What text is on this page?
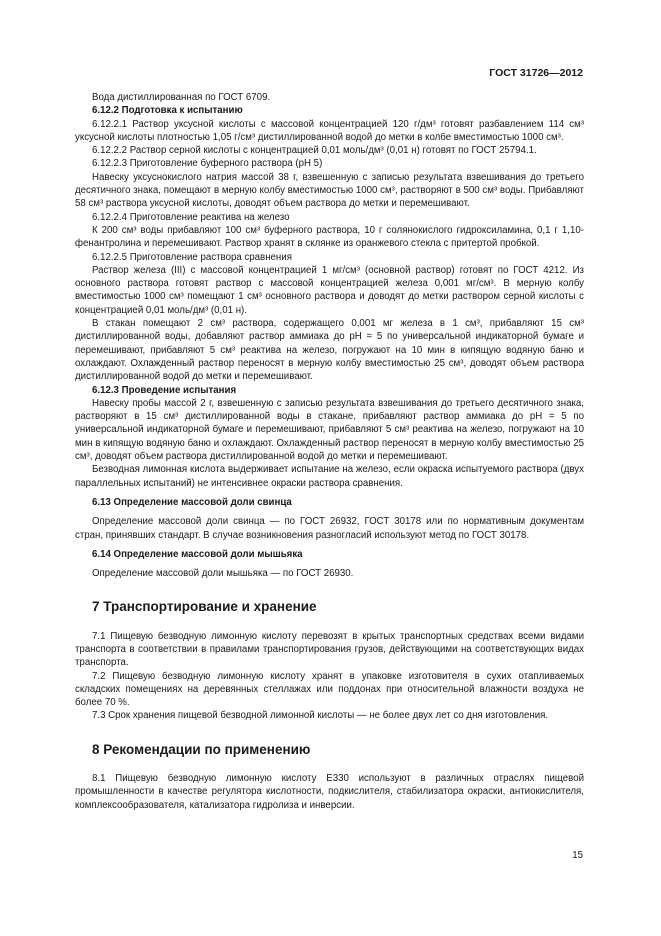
ГОСТ 31726—2012

Вода дистиллированная по ГОСТ 6709.

6.12.2 Подготовка к испытанию

6.12.2.1 Раствор уксусной кислоты с массовой концентрацией 120 г/дм³ готовят разбавлением 114 см³ уксусной кислоты плотностью 1,05 г/см³ дистиллированной водой до метки в колбе вместимостью 1000 см³.

6.12.2.2 Раствор серной кислоты с концентрацией 0,01 моль/дм³ (0,01 н) готовят по ГОСТ 25794.1.

6.12.2.3 Приготовление буферного раствора (рН 5)

Навеску уксуснокислого натрия массой 38 г, взвешенную с записью результата взвешивания до третьего десятичного знака, помещают в мерную колбу вместимостью 1000 см³, растворяют в 500 см³ воды. Прибавляют 58 см³ раствора уксусной кислоты, доводят объем раствора до метки и перемешивают.

6.12.2.4 Приготовление реактива на железо

К 200 см³ воды прибавляют 100 см³ буферного раствора, 10 г солянокислого гидроксиламина, 0,1 г 1,10-фенантролина и перемешивают. Раствор хранят в склянке из оранжевого стекла с притертой пробкой.

6.12.2.5 Приготовление раствора сравнения

Раствор железа (III) с массовой концентрацией 1 мг/см³ (основной раствор) готовят по ГОСТ 4212. Из основного раствора готовят раствор с массовой концентрацией железа 0,001 мг/см³. В мерную колбу вместимостью 1000 см³ помещают 1 см³ основного раствора и доводят до метки раствором серной кислоты с концентрацией 0,01 моль/дм³ (0,01 н).

В стакан помещают 2 см³ раствора, содержащего 0,001 мг железа в 1 см³, прибавляют 15 см³ дистиллированной воды, добавляют раствор аммиака до рН = 5 по универсальной индикаторной бумаге и перемешивают, прибавляют 5 см³ реактива на железо, погружают на 10 мин в кипящую водяную баню и охлаждают. Охлажденный раствор переносят в мерную колбу вместимостью 25 см³, доводят объем раствора дистиллированной водой до метки и перемешивают.

6.12.3 Проведение испытания

Навеску пробы массой 2 г, взвешенную с записью результата взвешивания до третьего десятичного знака, растворяют в 15 см³ дистиллированной воды в стакане, прибавляют раствор аммиака до рН = 5 по универсальной индикаторной бумаге и перемешивают, прибавляют 5 см³ реактива на железо, погружают на 10 мин в кипящую водяную баню и охлаждают. Охлажденный раствор переносят в мерную колбу вместимостью 25 см³, доводят объем раствора дистиллированной водой до метки и перемешивают.

Безводная лимонная кислота выдерживает испытание на железо, если окраска испытуемого раствора (двух параллельных испытаний) не интенсивнее окраски раствора сравнения.

6.13 Определение массовой доли свинца

Определение массовой доли свинца — по ГОСТ 26932, ГОСТ 30178 или по нормативным документам стран, принявших стандарт. В случае возникновения разногласий используют метод по ГОСТ 30178.

6.14 Определение массовой доли мышьяка

Определение массовой доли мышьяка — по ГОСТ 26930.

7 Транспортирование и хранение

7.1 Пищевую безводную лимонную кислоту перевозят в крытых транспортных средствах всеми видами транспорта в соответствии в правилами транспортирования грузов, действующими на соответствующих видах транспорта.

7.2 Пищевую безводную лимонную кислоту хранят в упаковке изготовителя в сухих отапливаемых складских помещениях на деревянных стеллажах или поддонах при относительной влажности воздуха не более 70 %.

7.3 Срок хранения пищевой безводной лимонной кислоты — не более двух лет со дня изготовления.

8 Рекомендации по применению

8.1 Пищевую безводную лимонную кислоту Е330 используют в различных отраслях пищевой промышленности в качестве регулятора кислотности, подкислителя, стабилизатора окраски, антиокислителя, комплексообразователя, катализатора гидролиза и инверсии.

15
